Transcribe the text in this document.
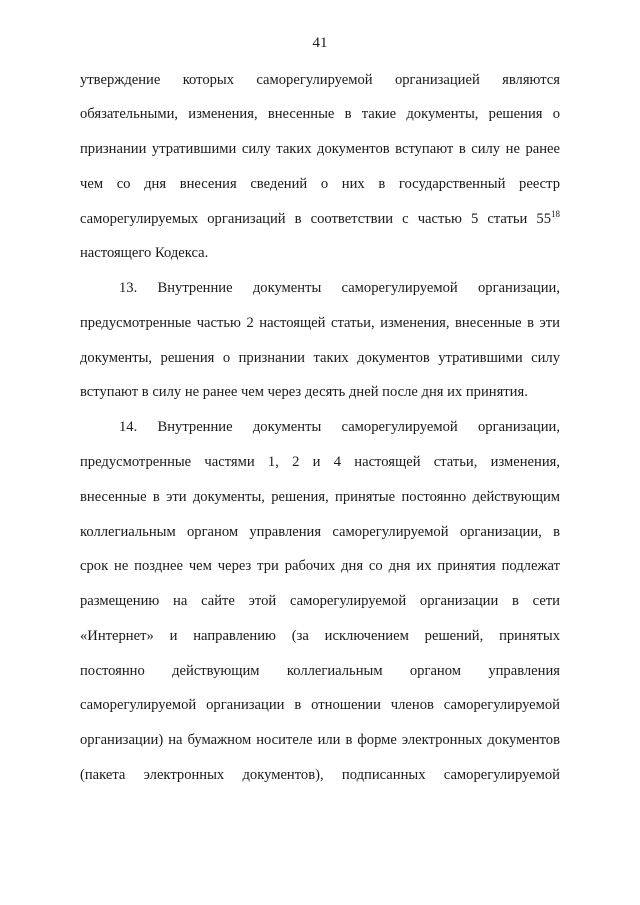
41
утверждение которых саморегулируемой организацией являются
обязательными, изменения, внесенные в такие документы, решения о
признании утратившими силу таких документов вступают в силу не ранее
чем со дня внесения сведений о них в государственный реестр
саморегулируемых организаций в соответствии с частью 5 статьи $55^{18}$
настоящего Кодекса.
13. Внутренние документы саморегулируемой организации,
предусмотренные частью 2 настоящей статьи, изменения, внесенные в эти
документы, решения о признании таких документов утратившими силу
вступают в силу не ранее чем через десять дней после дня их принятия.
14. Внутренние документы саморегулируемой организации,
предусмотренные частями 1, 2 и 4 настоящей статьи, изменения,
внесенные в эти документы, решения, принятые постоянно действующим
коллегиальным органом управления саморегулируемой организации, в
срок не позднее чем через три рабочих дня со дня их принятия подлежат
размещению на сайте этой саморегулируемой организации в сети
«Интернет» и направлению (за исключением решений, принятых
постоянно действующим коллегиальным органом управления
саморегулируемой организации в отношении членов саморегулируемой
организации) на бумажном носителе или в форме электронных документов
(пакета электронных документов), подписанных саморегулируемой
